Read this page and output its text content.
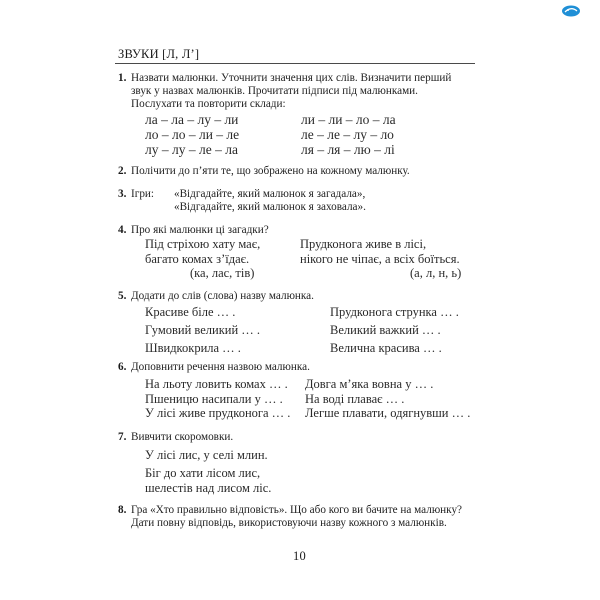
ЗВУКИ [Л, Л’]
1. Назвати малюнки. Уточнити значення цих слів. Визначити перший
звук у назвах малюнків. Прочитати підписи під малюнками.
Послухати та повторити склади:
ла – ла – лу – ли
ло – ло – ли – ле
лу – лу – ле – ла
ли – ли – ло – ла
ле – ле – лу – ло
ля – ля – лю – лі
2. Полічити до п’яти те, що зображено на кожному малюнку.
3. Ігри: «Відгадайте, який малюнок я загадала»,
«Відгадайте, який малюнок я заховала».
4. Про які малюнки ці загадки?
Під стріхою хату має,
багато комах з’їдає.
(ка, лас, тів)
Прудконога живе в лісі,
нікого не чіпає, а всіх боїться.
(а, л, н, ь)
5. Додати до слів (слова) назву малюнка.
Красиве біле … .
Гумовий великий … .
Швидкокрила … .
Прудконога струнка … .
Великий важкий … .
Велична красива … .
6. Доповнити речення назвою малюнка.
На льоту ловить комах … .
Пшеницю насипали у … .
У лісі живе прудконога … .
Довга м’яка вовна у … .
На воді плаває … .
Легше плавати, одягнувши … .
7. Вивчити скоромовки.
У лісі лис, у селі млин.
Біг до хати лісом лис,
шелестів над лисом ліс.
8. Гра «Хто правильно відповість». Що або кого ви бачите на малюнку?
Дати повну відповідь, використовуючи назву кожного з малюнків.
10
